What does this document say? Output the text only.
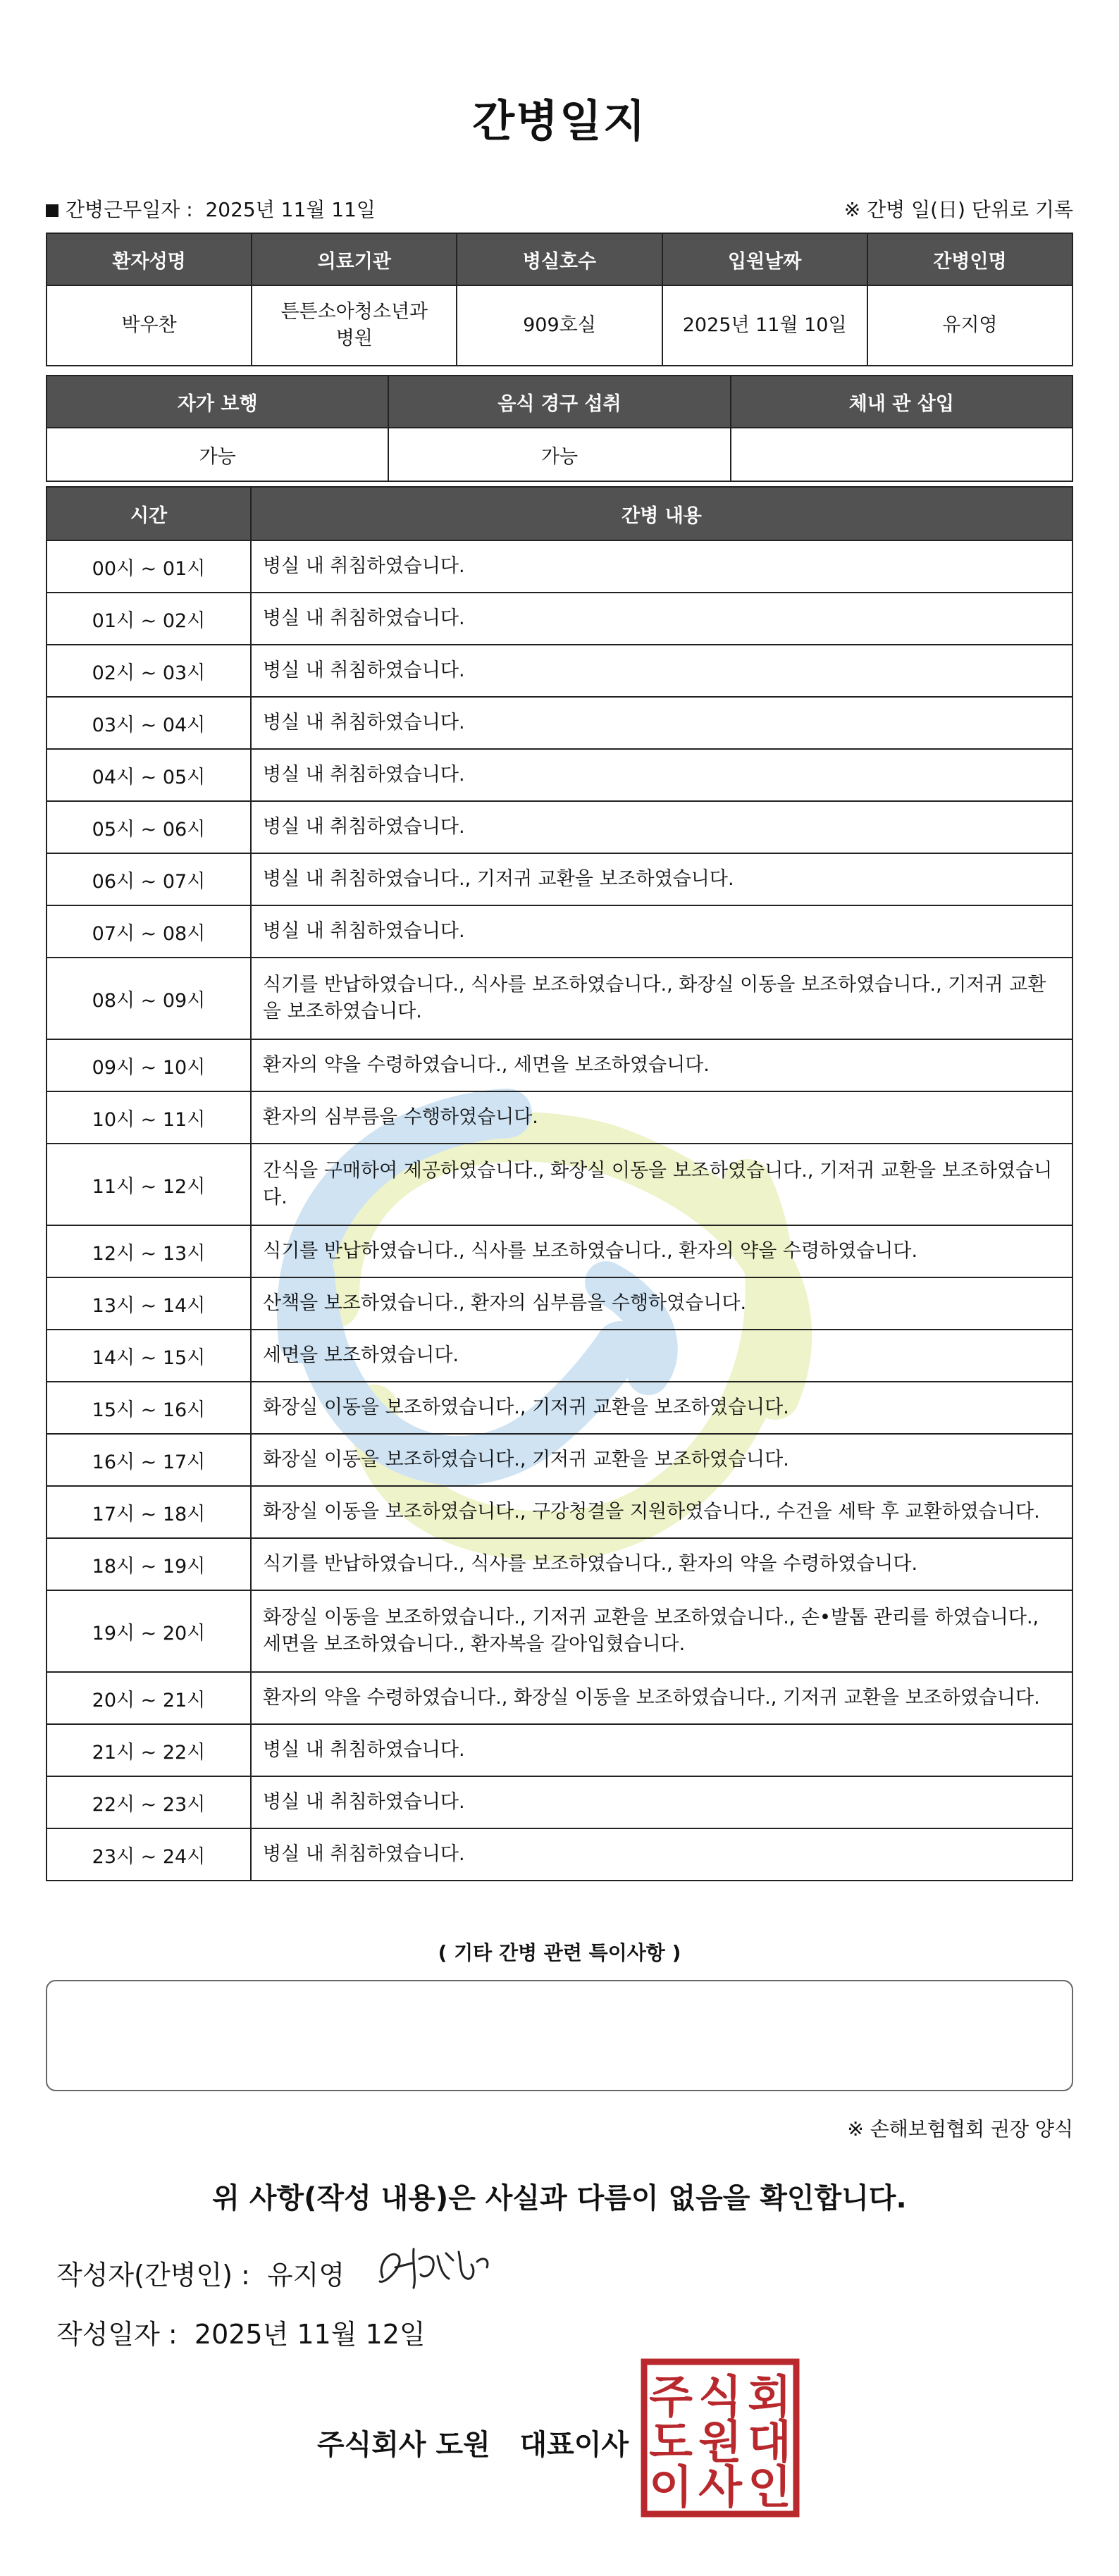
간병일지
간병근무일자 : 2025년 11월 11일	※ 간병 일(日) 단위로 기록
환자성명	의료기관	병실호수	입원날짜	간병인명
박우찬	튼튼소아청소년과병원	909호실	2025년 11월 10일	유지영
자가 보행	음식 경구 섭취	체내 관 삽입
가능	가능	
시간	간병 내용
00시 ~ 01시	병실 내 취침하였습니다.
01시 ~ 02시	병실 내 취침하였습니다.
02시 ~ 03시	병실 내 취침하였습니다.
03시 ~ 04시	병실 내 취침하였습니다.
04시 ~ 05시	병실 내 취침하였습니다.
05시 ~ 06시	병실 내 취침하였습니다.
06시 ~ 07시	병실 내 취침하였습니다., 기저귀 교환을 보조하였습니다.
07시 ~ 08시	병실 내 취침하였습니다.
08시 ~ 09시	식기를 반납하였습니다., 식사를 보조하였습니다., 화장실 이동을 보조하였습니다., 기저귀 교환을 보조하였습니다.
09시 ~ 10시	환자의 약을 수령하였습니다., 세면을 보조하였습니다.
10시 ~ 11시	환자의 심부름을 수행하였습니다.
11시 ~ 12시	간식을 구매하여 제공하였습니다., 화장실 이동을 보조하였습니다., 기저귀 교환을 보조하였습니다.
12시 ~ 13시	식기를 반납하였습니다., 식사를 보조하였습니다., 환자의 약을 수령하였습니다.
13시 ~ 14시	산책을 보조하였습니다., 환자의 심부름을 수행하였습니다.
14시 ~ 15시	세면을 보조하였습니다.
15시 ~ 16시	화장실 이동을 보조하였습니다., 기저귀 교환을 보조하였습니다.
16시 ~ 17시	화장실 이동을 보조하였습니다., 기저귀 교환을 보조하였습니다.
17시 ~ 18시	화장실 이동을 보조하였습니다., 구강청결을 지원하였습니다., 수건을 세탁 후 교환하였습니다.
18시 ~ 19시	식기를 반납하였습니다., 식사를 보조하였습니다., 환자의 약을 수령하였습니다.
19시 ~ 20시	화장실 이동을 보조하였습니다., 기저귀 교환을 보조하였습니다., 손•발톱 관리를 하였습니다., 세면을 보조하였습니다., 환자복을 갈아입혔습니다.
20시 ~ 21시	환자의 약을 수령하였습니다., 화장실 이동을 보조하였습니다., 기저귀 교환을 보조하였습니다.
21시 ~ 22시	병실 내 취침하였습니다.
22시 ~ 23시	병실 내 취침하였습니다.
23시 ~ 24시	병실 내 취침하였습니다.
( 기타 간병 관련 특이사항 )
※ 손해보험협회 권장 양식
위 사항(작성 내용)은 사실과 다름이 없음을 확인합니다.
작성자(간병인) : 유지영
작성일자 : 2025년 11월 12일
주식회사 도원   대표이사
주 식 회
도 원 대
이 사 인
